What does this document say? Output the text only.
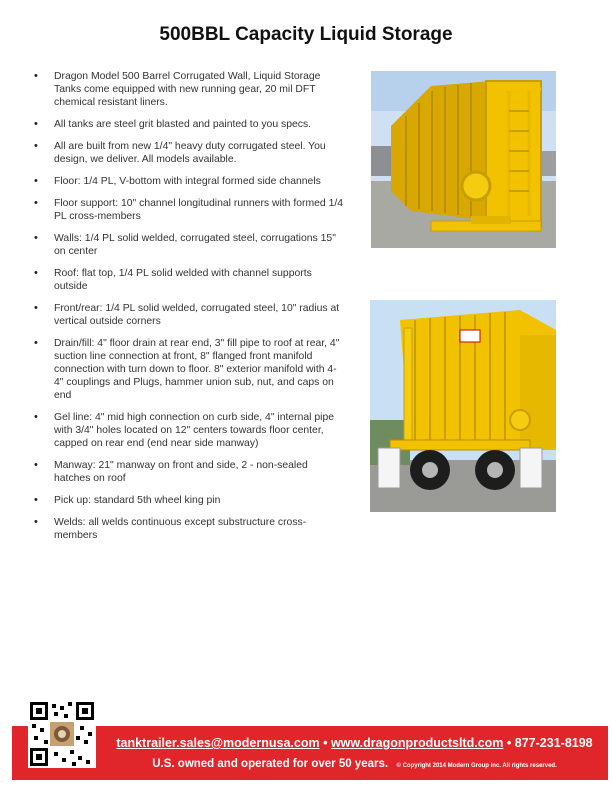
500BBL Capacity Liquid Storage
• Dragon Model 500 Barrel Corrugated Wall, Liquid Storage Tanks come equipped with new running gear, 20 mil DFT chemical resistant liners.
• All tanks are steel grit blasted and painted to you specs.
• All are built from new 1/4" heavy duty corrugated steel. You design, we deliver. All models available.
• Floor: 1/4 PL, V-bottom with integral formed side channels
• Floor support: 10" channel longitudinal runners with formed 1/4 PL cross-members
• Walls: 1/4 PL solid welded, corrugated steel, corrugations 15" on center
• Roof: flat top, 1/4 PL solid welded with channel supports outside
• Front/rear: 1/4 PL solid welded, corrugated steel, 10" radius at vertical outside corners
• Drain/fill: 4" floor drain at rear end, 3" fill pipe to roof at rear, 4" suction line connection at front, 8" flanged front manifold connection with turn down to floor. 8" exterior manifold with 4-4" couplings and Plugs, hammer union sub, nut, and caps on end
• Gel line: 4" mid high connection on curb side, 4" internal pipe with 3/4" holes located on 12" centers towards floor center, capped on rear end (end near side manway)
• Manway: 21" manway on front and side, 2 - non-sealed hatches on roof
• Pick up: standard 5th wheel king pin
• Welds: all welds continuous except substructure cross-members
tanktrailer.sales@modernusa.com • www.dragonproductsltd.com • 877-231-8198
U.S. owned and operated for over 50 years. © Copyright 2014 Modern Group Inc. All rights reserved.
